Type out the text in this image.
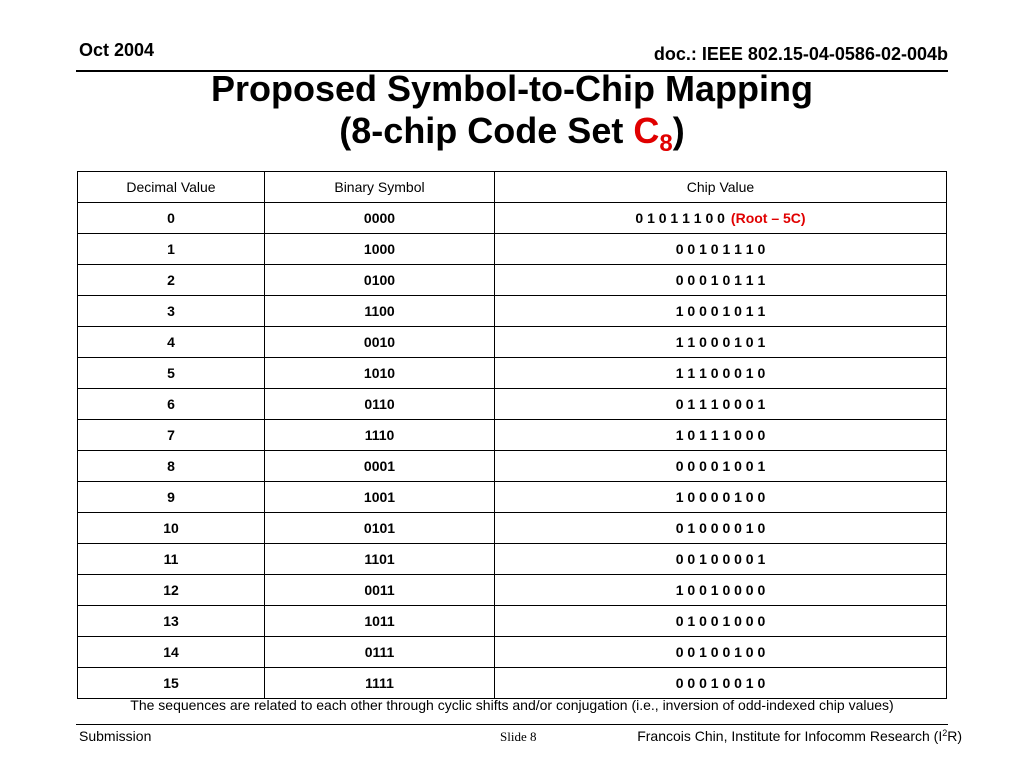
Oct 2004	doc.: IEEE 802.15-04-0586-02-004b
Proposed Symbol-to-Chip Mapping
(8-chip Code Set $C_8$)
Decimal Value	Binary Symbol	Chip Value
0	0000	0 1 0 1 1 1 0 0 (Root – 5C)
1	1000	0 0 1 0 1 1 1 0
2	0100	0 0 0 1 0 1 1 1
3	1100	1 0 0 0 1 0 1 1
4	0010	1 1 0 0 0 1 0 1
5	1010	1 1 1 0 0 0 1 0
6	0110	0 1 1 1 0 0 0 1
7	1110	1 0 1 1 1 0 0 0
8	0001	0 0 0 0 1 0 0 1
9	1001	1 0 0 0 0 1 0 0
10	0101	0 1 0 0 0 0 1 0
11	1101	0 0 1 0 0 0 0 1
12	0011	1 0 0 1 0 0 0 0
13	1011	0 1 0 0 1 0 0 0
14	0111	0 0 1 0 0 1 0 0
15	1111	0 0 0 1 0 0 1 0
The sequences are related to each other through cyclic shifts and/or conjugation (i.e., inversion of odd-indexed chip values)
Submission	Slide 8	Francois Chin, Institute for Infocomm Research $(I^2R)$
